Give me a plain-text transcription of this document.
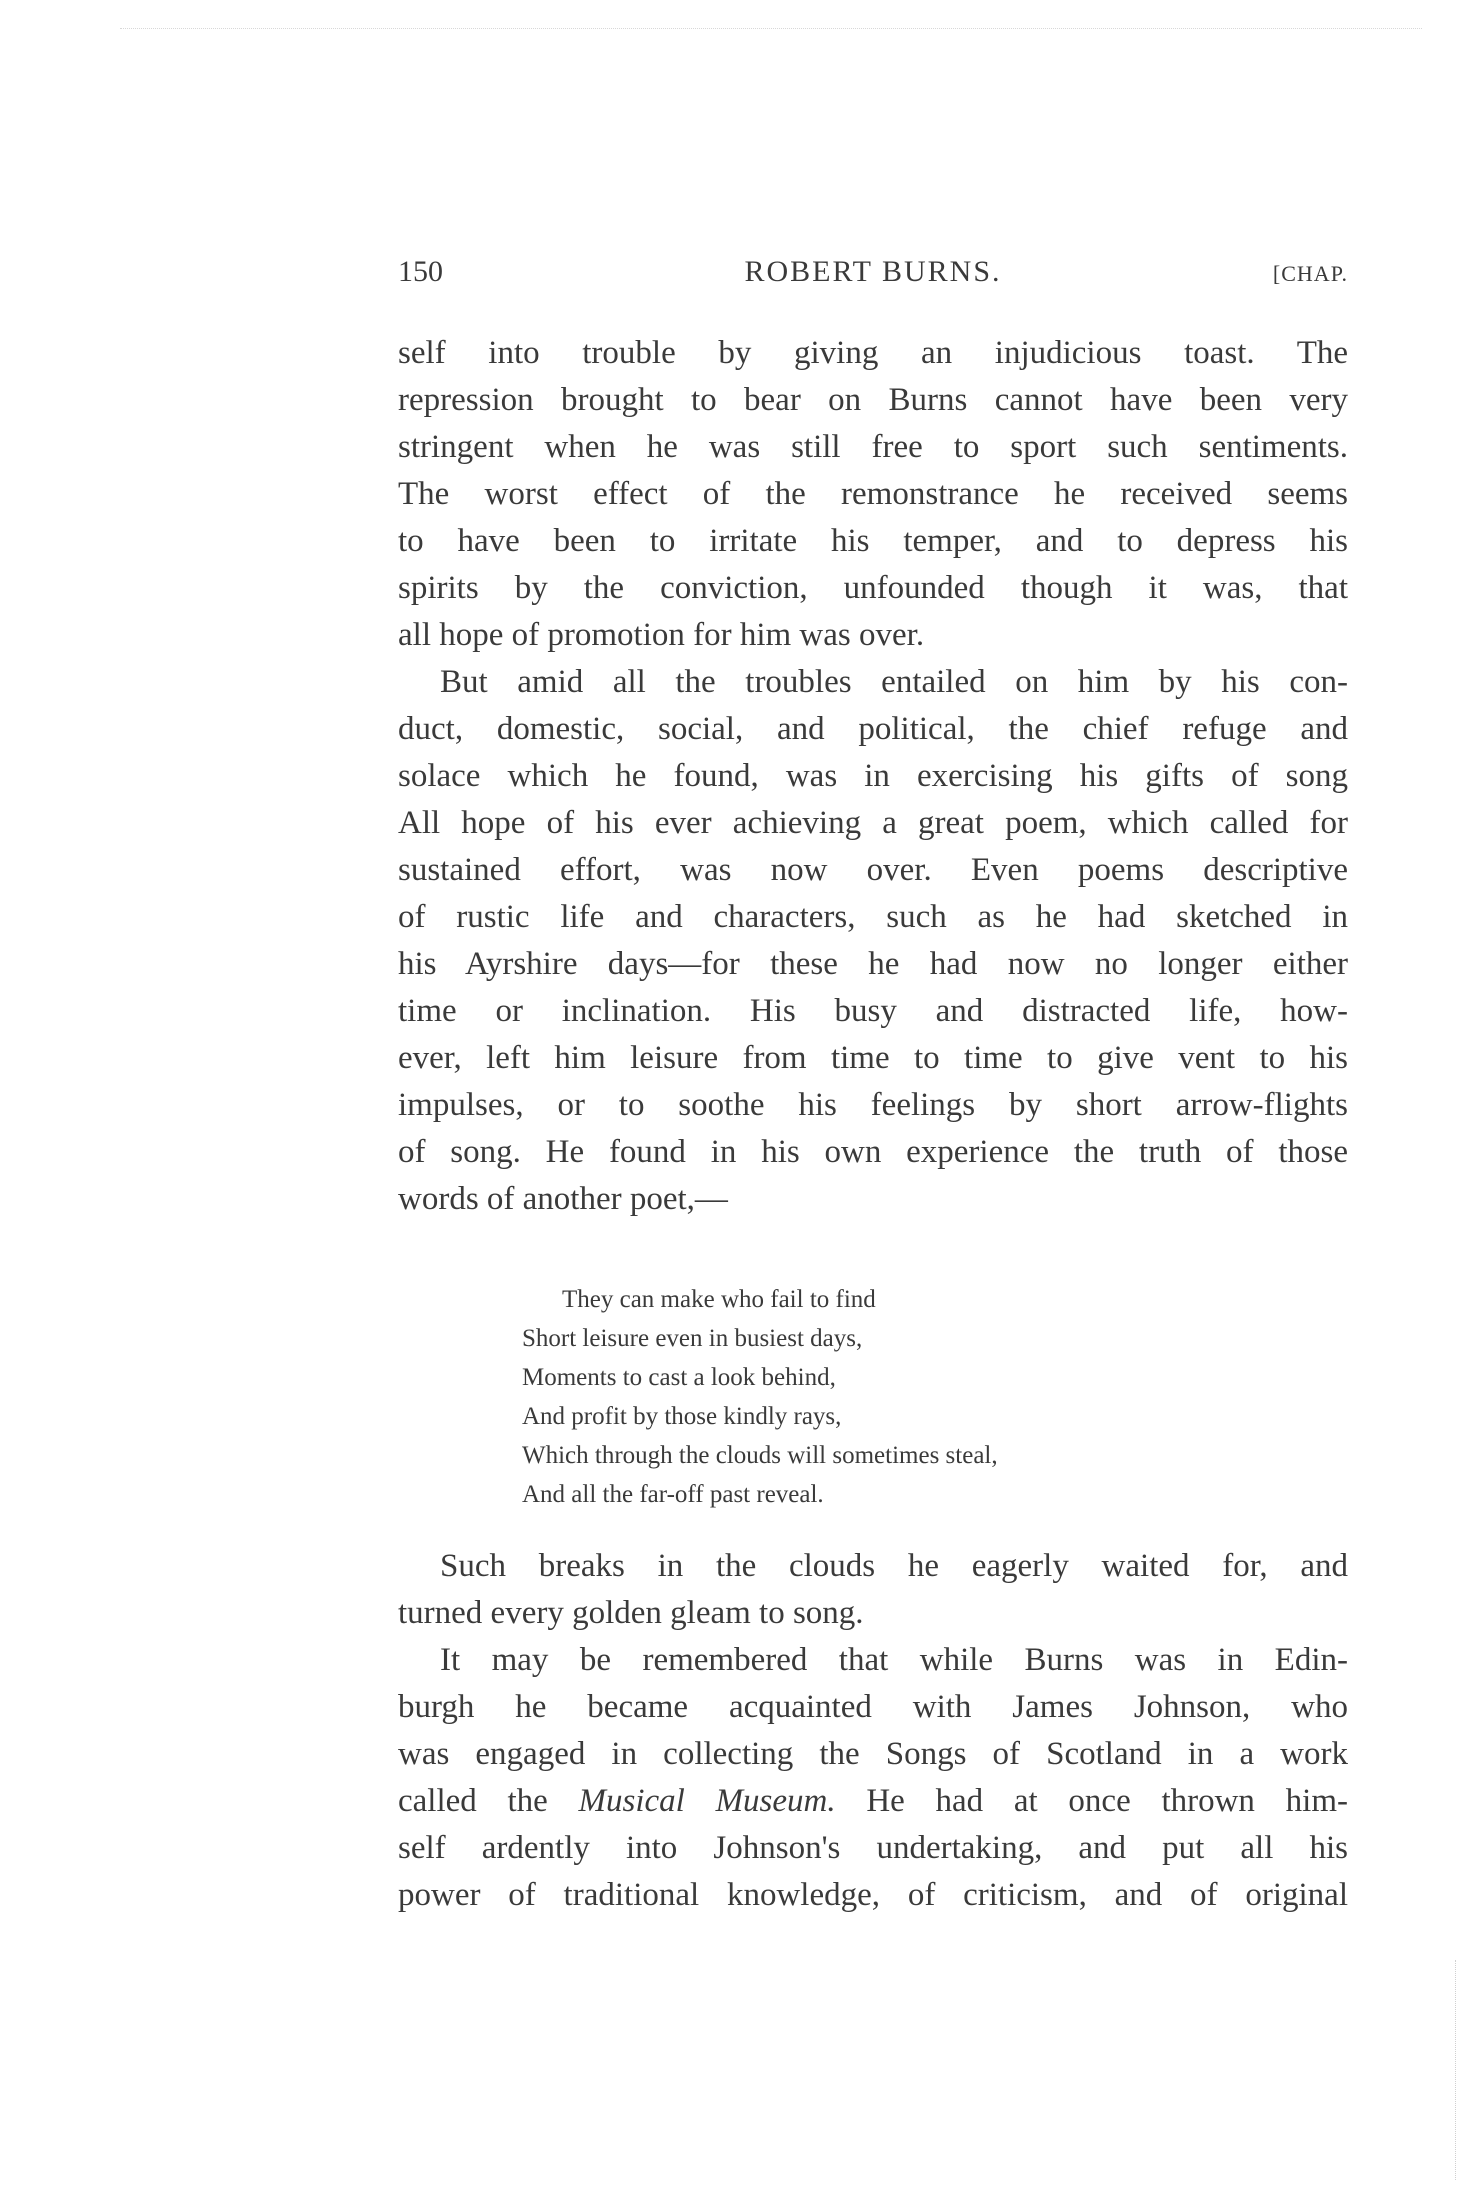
ROBERT BURNS.
150	[CHAP.
self into trouble by giving an injudicious toast. The
repression brought to bear on Burns cannot have been very
stringent when he was still free to sport such sentiments.
The worst effect of the remonstrance he received seems
to have been to irritate his temper, and to depress his
spirits by the conviction, unfounded though it was, that
all hope of promotion for him was over.
But amid all the troubles entailed on him by his con-
duct, domestic, social, and political, the chief refuge and
solace which he found, was in exercising his gifts of song
All hope of his ever achieving a great poem, which called for
sustained effort, was now over. Even poems descriptive
of rustic life and characters, such as he had sketched in
his Ayrshire days—for these he had now no longer either
time or inclination. His busy and distracted life, how-
ever, left him leisure from time to time to give vent to his
impulses, or to soothe his feelings by short arrow-flights
of song. He found in his own experience the truth of those
words of another poet,—
They can make who fail to find
Short leisure even in busiest days,
Moments to cast a look behind,
And profit by those kindly rays,
Which through the clouds will sometimes steal,
And all the far-off past reveal.
Such breaks in the clouds he eagerly waited for, and
turned every golden gleam to song.
It may be remembered that while Burns was in Edin-
burgh he became acquainted with James Johnson, who
was engaged in collecting the Songs of Scotland in a work
called the Musical Museum. He had at once thrown him-
self ardently into Johnson's undertaking, and put all his
power of traditional knowledge, of criticism, and of original
